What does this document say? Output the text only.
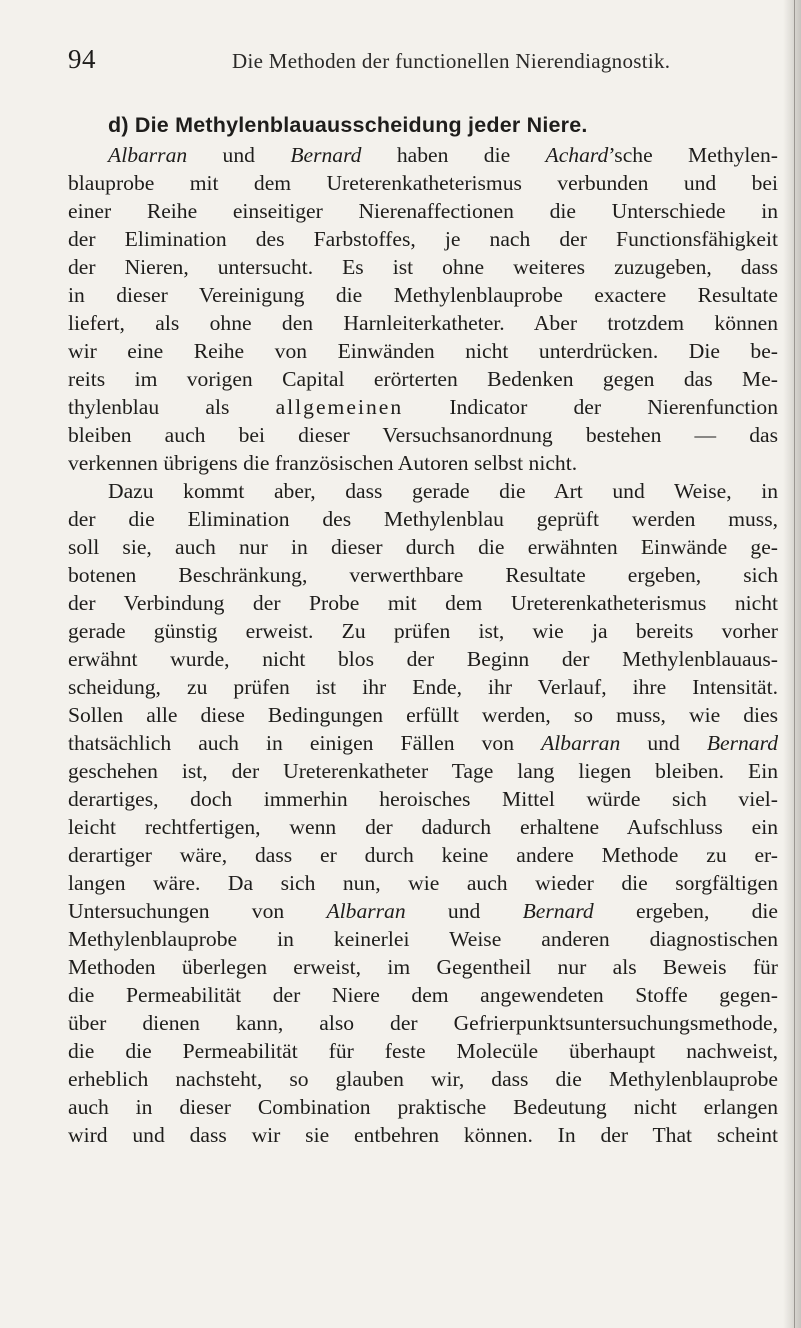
94	Die Methoden der functionellen Nierendiagnostik.
d) Die Methylenblauausscheidung jeder Niere.
Albarran und Bernard haben die Achard’sche Methylen-
blauprobe mit dem Ureterenkatheterismus verbunden und bei
einer Reihe einseitiger Nierenaffectionen die Unterschiede in
der Elimination des Farbstoffes, je nach der Functionsfähigkeit
der Nieren, untersucht. Es ist ohne weiteres zuzugeben, dass
in dieser Vereinigung die Methylenblauprobe exactere Resultate
liefert, als ohne den Harnleiterkatheter. Aber trotzdem können
wir eine Reihe von Einwänden nicht unterdrücken. Die be-
reits im vorigen Capital erörterten Bedenken gegen das Me-
thylenblau als allgemeinen Indicator der Nierenfunction
bleiben auch bei dieser Versuchsanordnung bestehen — das
verkennen übrigens die französischen Autoren selbst nicht.
Dazu kommt aber, dass gerade die Art und Weise, in
der die Elimination des Methylenblau geprüft werden muss,
soll sie, auch nur in dieser durch die erwähnten Einwände ge-
botenen Beschränkung, verwerthbare Resultate ergeben, sich
der Verbindung der Probe mit dem Ureterenkatheterismus nicht
gerade günstig erweist. Zu prüfen ist, wie ja bereits vorher
erwähnt wurde, nicht blos der Beginn der Methylenblauaus-
scheidung, zu prüfen ist ihr Ende, ihr Verlauf, ihre Intensität.
Sollen alle diese Bedingungen erfüllt werden, so muss, wie dies
thatsächlich auch in einigen Fällen von Albarran und Bernard
geschehen ist, der Ureterenkatheter Tage lang liegen bleiben. Ein
derartiges, doch immerhin heroisches Mittel würde sich viel-
leicht rechtfertigen, wenn der dadurch erhaltene Aufschluss ein
derartiger wäre, dass er durch keine andere Methode zu er-
langen wäre. Da sich nun, wie auch wieder die sorgfältigen
Untersuchungen von Albarran und Bernard ergeben, die
Methylenblauprobe in keinerlei Weise anderen diagnostischen
Methoden überlegen erweist, im Gegentheil nur als Beweis für
die Permeabilität der Niere dem angewendeten Stoffe gegen-
über dienen kann, also der Gefrierpunktsuntersuchungsmethode,
die die Permeabilität für feste Molecüle überhaupt nachweist,
erheblich nachsteht, so glauben wir, dass die Methylenblauprobe
auch in dieser Combination praktische Bedeutung nicht erlangen
wird und dass wir sie entbehren können. In der That scheint
